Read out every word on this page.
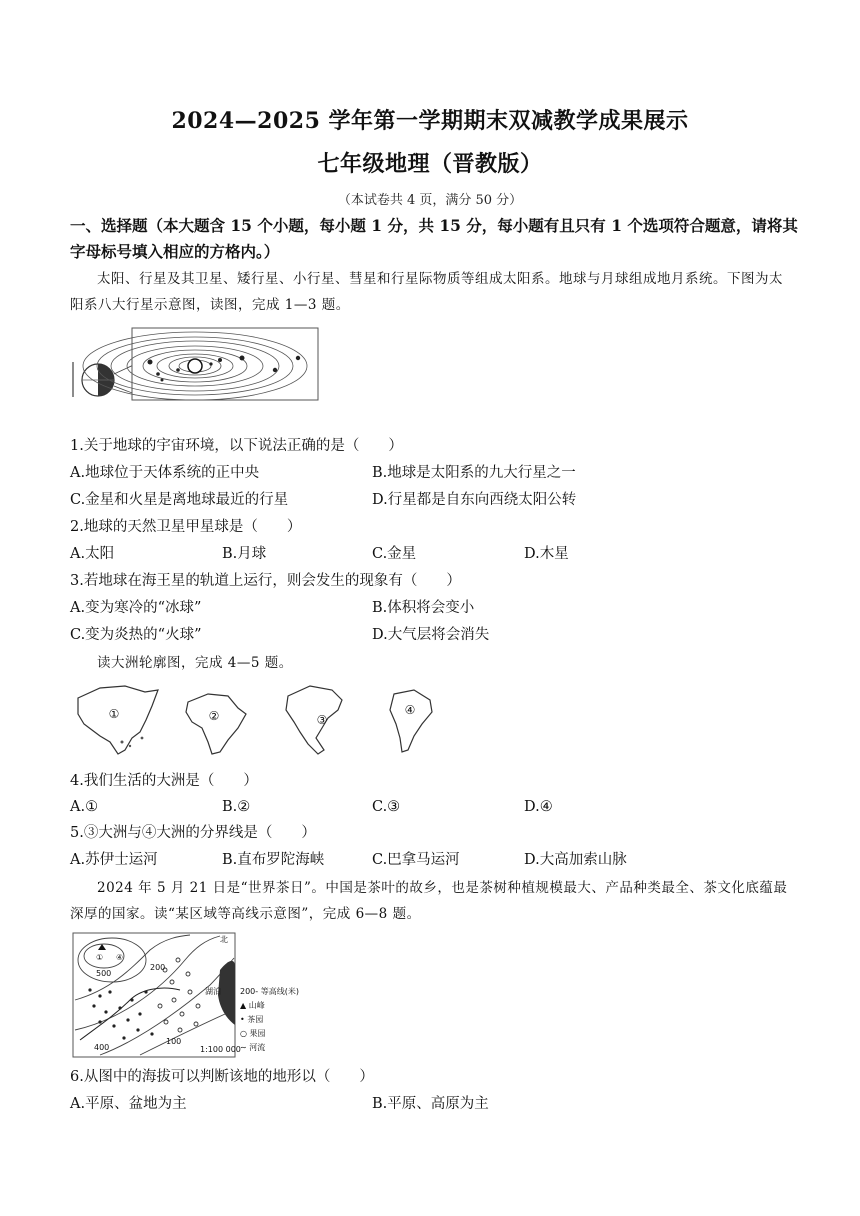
2024—2025 学年第一学期期末双减教学成果展示
七年级地理（晋教版）
（本试卷共 4 页，满分 50 分）
一、选择题（本大题含 15 个小题，每小题 1 分，共 15 分，每小题有且只有 1 个选项符合题意，请将其字母标号填入相应的方格内。）
太阳、行星及其卫星、矮行星、小行星、彗星和行星际物质等组成太阳系。地球与月球组成地月系统。下图为太阳系八大行星示意图，读图，完成 1—3 题。
1.关于地球的宇宙环境，以下说法正确的是（　　）
A.地球位于天体系统的正中央	B.地球是太阳系的九大行星之一
C.金星和火星是离地球最近的行星	D.行星都是自东向西绕太阳公转
2.地球的天然卫星甲星球是（　　）
A.太阳	B.月球	C.金星	D.木星
3.若地球在海王星的轨道上运行，则会发生的现象有（　　）
A.变为寒冷的“冰球”	B.体积将会变小
C.变为炎热的“火球”	D.大气层将会消失
读大洲轮廓图，完成 4—5 题。
①	②	③
④
4.我们生活的大洲是（　　）
A.①	B.②	C.③	D.④
5.③大洲与④大洲的分界线是（　　）
A.苏伊士运河	B.直布罗陀海峡	C.巴拿马运河	D.大高加索山脉
2024 年 5 月 21 日是“世界茶日”。中国是茶叶的故乡，也是茶树种植规模最大、产品种类最全、茶文化底蕴最深厚的国家。读“某区域等高线示意图”，完成 6—8 题。
北
① ④
500
湖泊
200
100
400	1:100 000
200- 等高线(米)
▲ 山峰
• 茶园
○ 果园
∼ 河流
6.从图中的海拔可以判断该地的地形以（　　）
A.平原、盆地为主	B.平原、高原为主
